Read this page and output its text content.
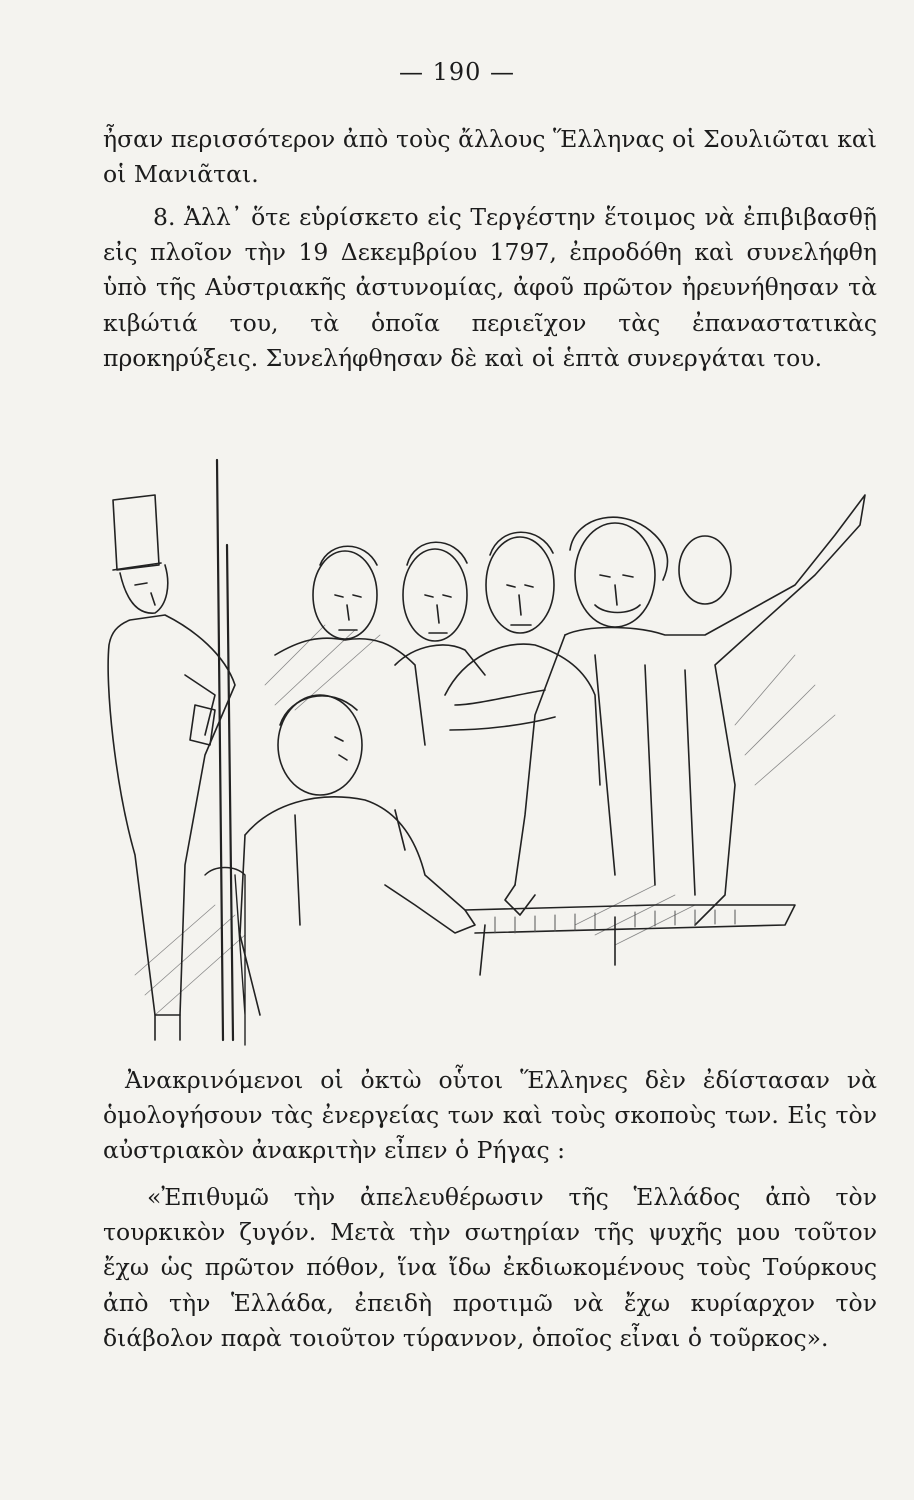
— 190 —

ἦσαν περισσότερον ἀπὸ τοὺς ἄλλους Ἕλληνας οἱ Σουλιῶται καὶ οἱ Μανιᾶται.

8. Ἀλλ᾽ ὅτε εὑρίσκετο εἰς Τεργέστην ἕτοιμος νὰ ἐπιβιβασθῇ εἰς πλοῖον τὴν 19 Δεκεμβρίου 1797, ἐπροδόθη καὶ συνελήφθη ὑπὸ τῆς Αὐστριακῆς ἀστυνομίας, ἀφοῦ πρῶτον ἠρευνήθησαν τὰ κιβώτιά του, τὰ ὁποῖα περιεῖχον τὰς ἐπαναστατικὰς προκηρύξεις. Συνελήφθησαν δὲ καὶ οἱ ἑπτὰ συνεργάται του.

Ἀνακρινόμενοι οἱ ὀκτὼ οὗτοι Ἕλληνες δὲν ἐδίστασαν νὰ ὁμολογήσουν τὰς ἐνεργείας των καὶ τοὺς σκοποὺς των. Εἰς τὸν αὐστριακὸν ἀνακριτὴν εἶπεν ὁ Ρήγας :

«Ἐπιθυμῶ τὴν ἀπελευθέρωσιν τῆς Ἑλλάδος ἀπὸ τὸν τουρκικὸν ζυγόν. Μετὰ τὴν σωτηρίαν τῆς ψυχῆς μου τοῦτον ἔχω ὡς πρῶτον πόθον, ἵνα ἴδω ἐκδιωκομένους τοὺς Τούρκους ἀπὸ τὴν Ἑλλάδα, ἐπειδὴ προτιμῶ νὰ ἔχω κυρίαρχον τὸν διάβολον παρὰ τοιοῦτον τύραννον, ὁποῖος εἶναι ὁ τοῦρκος».
